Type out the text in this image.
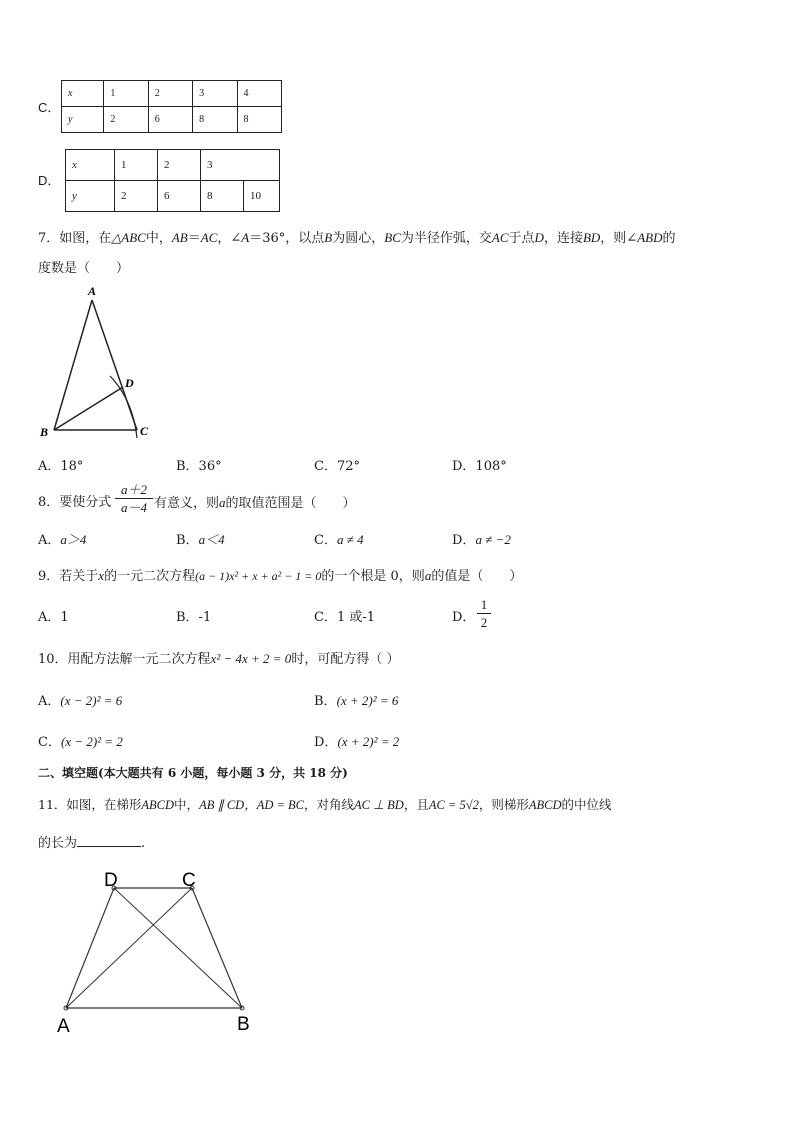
C．
x	1	2	3	4
y	2	6	8	8
D．
x	1	2	3	
y	2	6	8	10
7．如图，在△ABC中，AB＝AC，∠A＝36°，以点B为圆心，BC为半径作弧，交AC于点D，连接BD，则∠ABD的
度数是（　　）
A
B	C
D
A．18°	B．36°	C．72°	D．108°
8．要使分式
a＋2
a－4 有意义，则a的取值范围是（　　）
A．a＞4	B．a＜4	C．a ≠ 4	D．a ≠ −2
9．若关于x的一元二次方程(a − 1)x² + x + a² − 1 = 0的一个根是 0，则a的值是（　　）
A．1	B．-1	C．1 或-1	D．
1
2
10．用配方法解一元二次方程x² − 4x + 2 = 0时，可配方得（ ）
A．(x − 2)² = 6	B．(x + 2)² = 6
C．(x − 2)² = 2	D．(x + 2)² = 2
二、填空题(本大题共有 6 小题，每小题 3 分，共 18 分)
11．如图，在梯形ABCD中，AB ∥ CD，AD = BC，对角线AC ⊥ BD，且AC = 5√2，则梯形ABCD的中位线
的长为	.
D	C
A	B
